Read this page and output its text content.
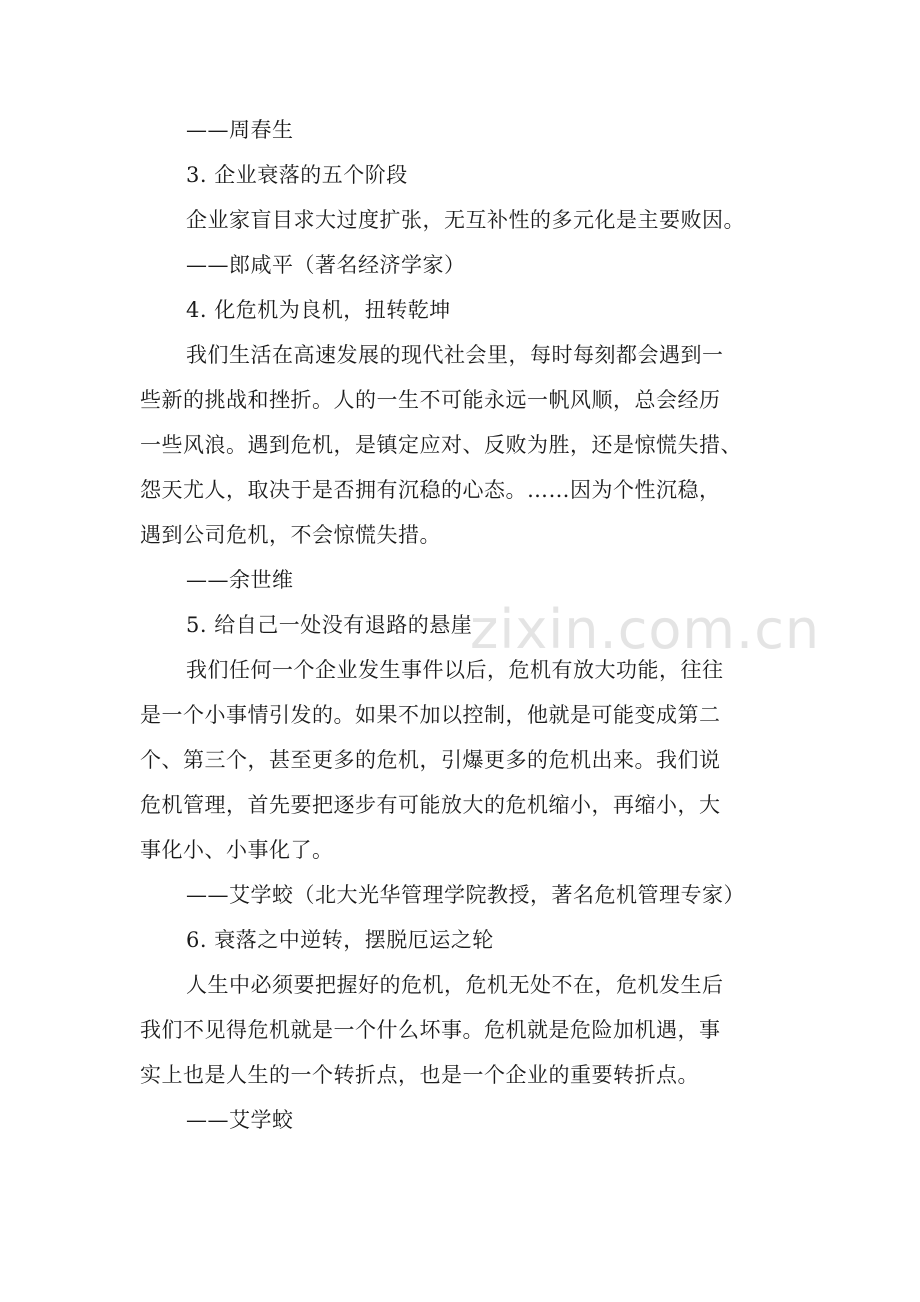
——周春生
3. 企业衰落的五个阶段
企业家盲目求大过度扩张，无互补性的多元化是主要败因。
——郎咸平（著名经济学家）
4. 化危机为良机，扭转乾坤
我们生活在高速发展的现代社会里，每时每刻都会遇到一
些新的挑战和挫折。人的一生不可能永远一帆风顺，总会经历
一些风浪。遇到危机，是镇定应对、反败为胜，还是惊慌失措、
怨天尤人，取决于是否拥有沉稳的心态。……因为个性沉稳，
遇到公司危机，不会惊慌失措。
——余世维
5. 给自己一处没有退路的悬崖
我们任何一个企业发生事件以后，危机有放大功能，往往
是一个小事情引发的。如果不加以控制，他就是可能变成第二
个、第三个，甚至更多的危机，引爆更多的危机出来。我们说
危机管理，首先要把逐步有可能放大的危机缩小，再缩小，大
事化小、小事化了。
——艾学蛟（北大光华管理学院教授，著名危机管理专家）
6. 衰落之中逆转，摆脱厄运之轮
人生中必须要把握好的危机，危机无处不在，危机发生后
我们不见得危机就是一个什么坏事。危机就是危险加机遇，事
实上也是人生的一个转折点，也是一个企业的重要转折点。
——艾学蛟
zixin.com.cn
